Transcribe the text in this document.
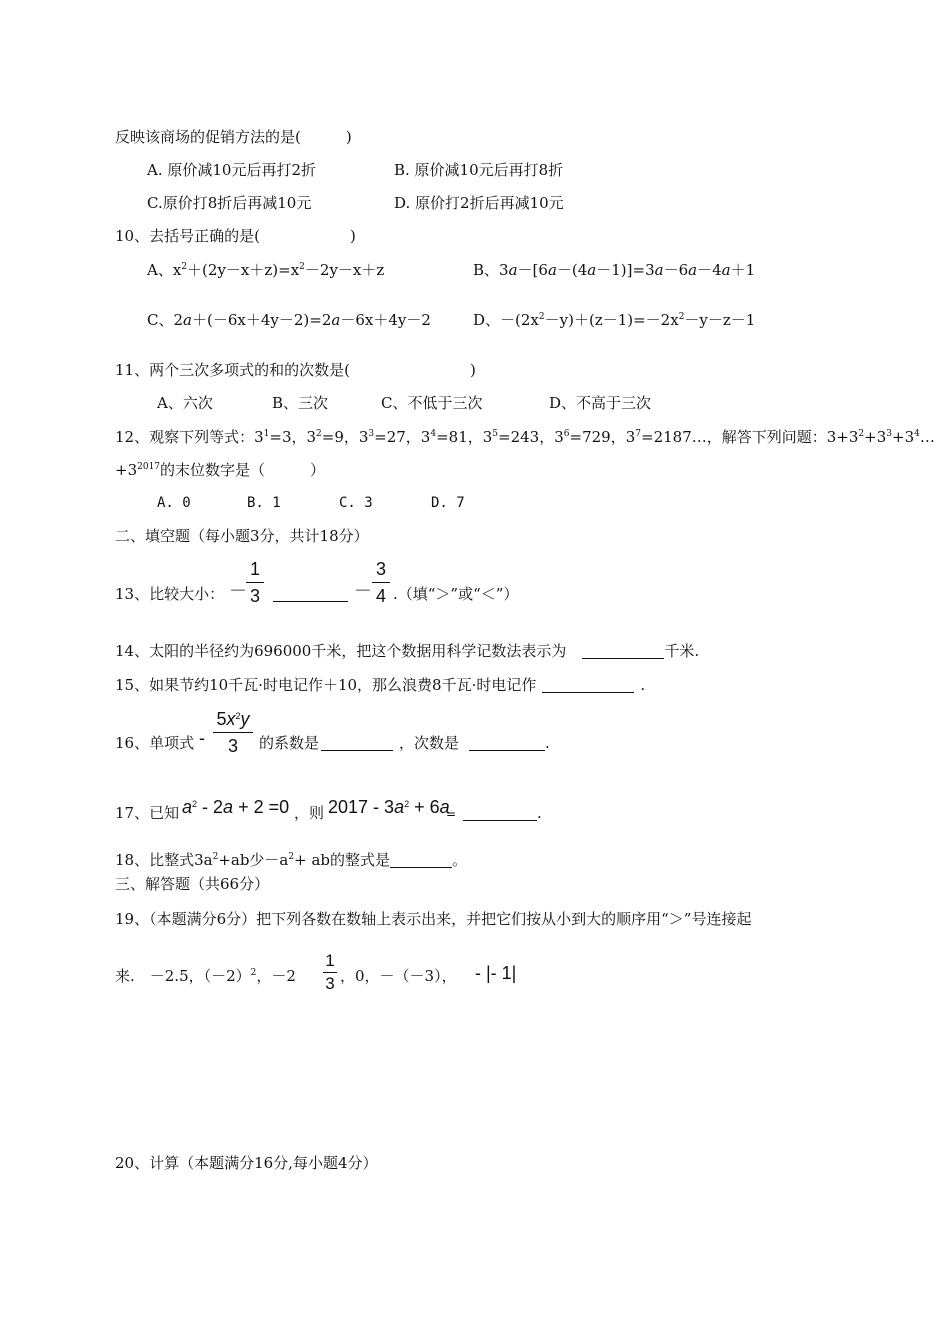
反映该商场的促销方法的是(　　　)
A. 原价减10元后再打2折	B. 原价减10元后再打8折
C.原价打8折后再减10元	D. 原价打2折后再减10元
10、去括号正确的是(　　　　　　)
A、$x^2+(2y-x+z)=x^2-2y-x+z$	B、3a－[6a－(4a－1)]=3a－6a－4a＋1
C、2a＋(－6x＋4y－2)=2a－6x＋4y－2	D、$-(2x^2-y)+(z-1)=-2x^2-y-z-1$
11、两个三次多项式的和的次数是(　　　　　　　　)
A、六次	B、三次	C、不低于三次	D、不高于三次
12、观察下列等式：$3^1=3$，$3^2=9$，$3^3=27$，$3^4=81$，$3^5=243$，$3^6=729$，$3^7=2187\dots$，解答下列问题：$3+3^2+3^3+3^4\dots$
$+3^{2017}$的末位数字是（　　　）
A. 0	B. 1	C. 3	D. 7
二、填空题（每小题3分，共计18分）
13、比较大小： －
1
3	－
3
4 .（填“＞”或“＜”）
14、太阳的半径约为696000千米，把这个数据用科学记数法表示为	千米.
15、如果节约10千瓦·时电记作＋10，那么浪费8千瓦·时电记作	.
16、单项式 -
$5x^2y$
3	的系数是	，次数是	.
17、已知 $a^2 - 2a + 2 =0$ ，则 $2017 - 3a^2 + 6a$
=	.
18、比整式$3a^2+ab$少$-a^2+$ ab的整式是	。
三、解答题（共66分）
19、（本题满分6分）把下列各数在数轴上表示出来，并把它们按从小到大的顺序用“＞”号连接起
来.　－2.5，$(-2)^2$，－2
1
3 ，0，－（－3）， - |- 1|
20、计算（本题满分16分,每小题4分）
